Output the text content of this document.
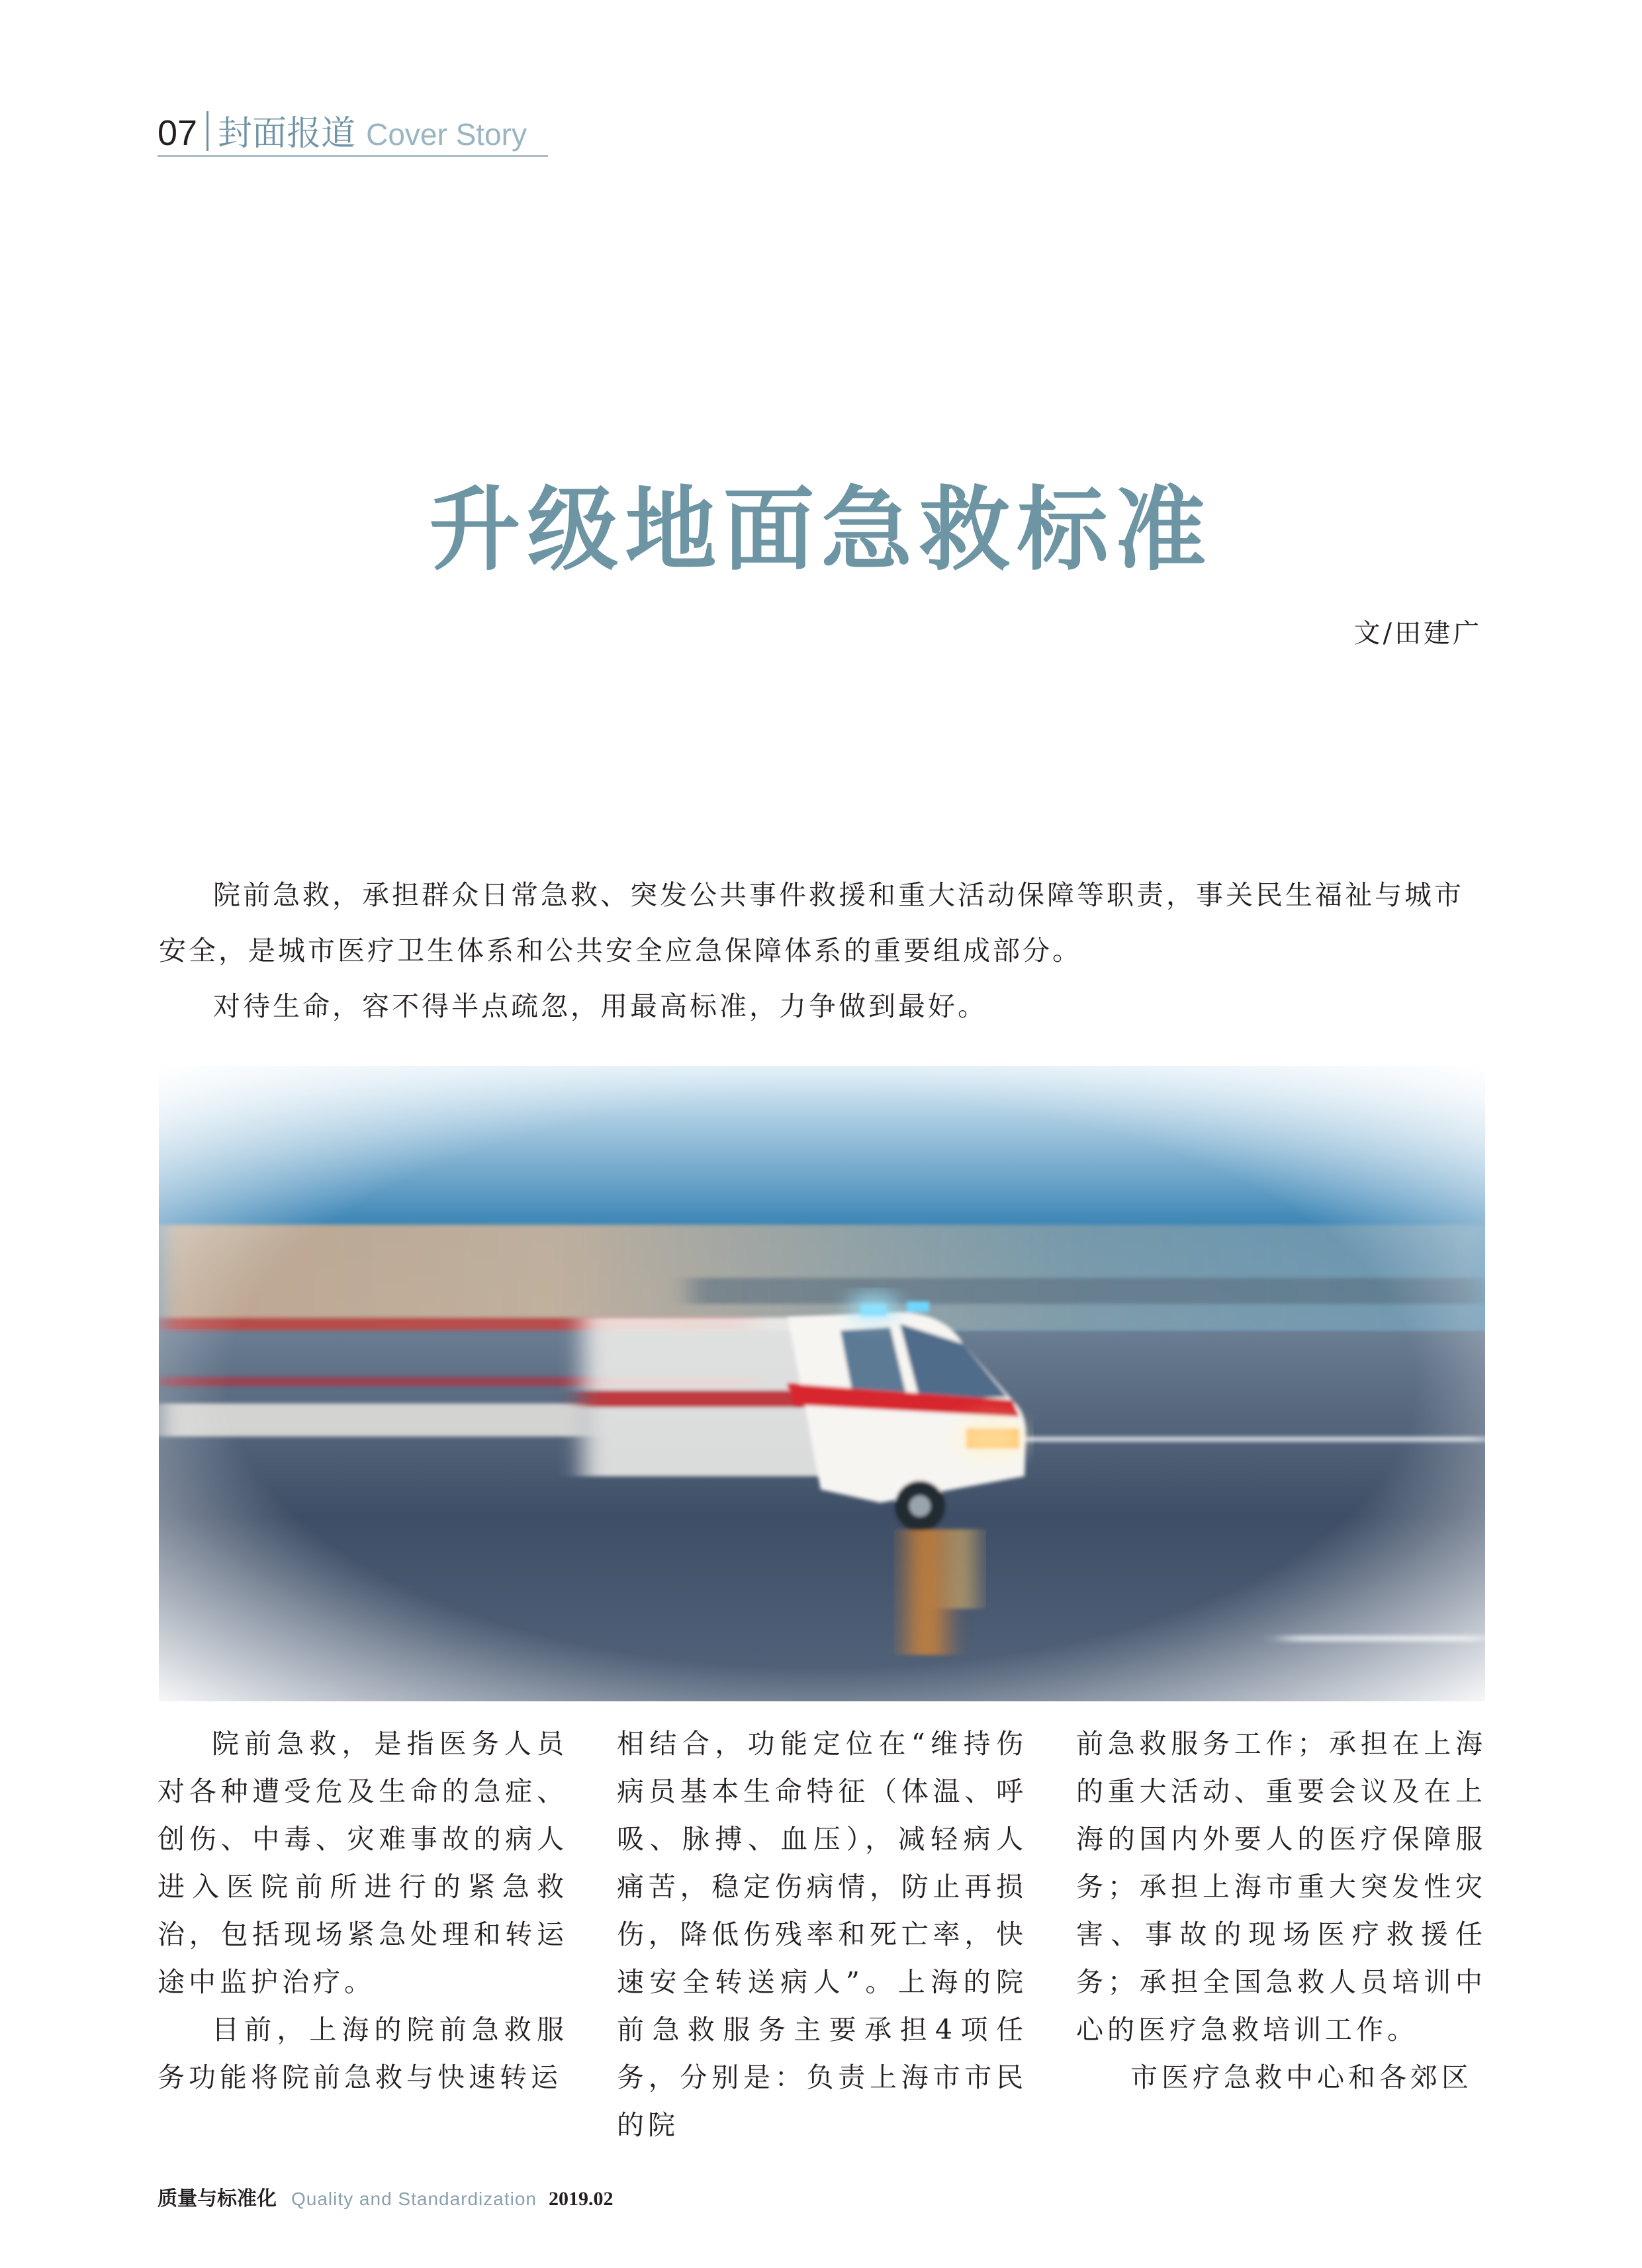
07 封面报道 Cover Story
升级地面急救标准
文/田建广

院前急救，承担群众日常急救、突发公共事件救援和重大活动保障等职责，事关民生福祉与城市安全，是城市医疗卫生体系和公共安全应急保障体系的重要组成部分。

对待生命，容不得半点疏忽，用最高标准，力争做到最好。

院前急救，是指医务人员对各种遭受危及生命的急症、创伤、中毒、灾难事故的病人进入医院前所进行的紧急救治，包括现场紧急处理和转运途中监护治疗。

目前，上海的院前急救服务功能将院前急救与快速转运

相结合，功能定位在“维持伤病员基本生命特征（体温、呼吸、脉搏、血压），减轻病人痛苦，稳定伤病情，防止再损伤，降低伤残率和死亡率，快速安全转送病人”。上海的院前急救服务主要承担4项任务，分别是：负责上海市市民的院

前急救服务工作；承担在上海的重大活动、重要会议及在上海的国内外要人的医疗保障服务；承担上海市重大突发性灾害、事故的现场医疗救援任务；承担全国急救人员培训中心的医疗急救培训工作。

市医疗急救中心和各郊区

质量与标准化 Quality and Standardization 2019.02
